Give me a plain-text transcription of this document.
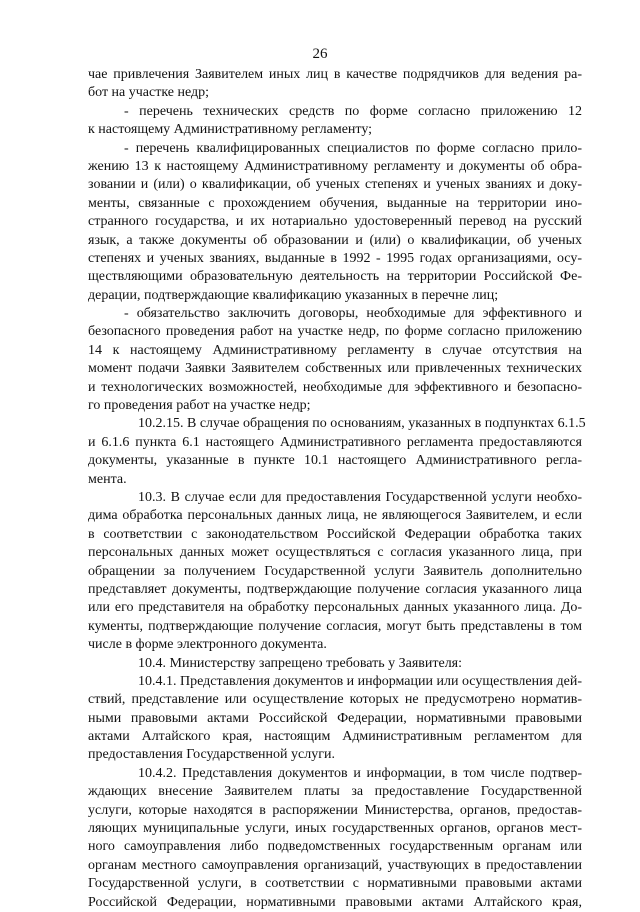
26
чае привлечения Заявителем иных лиц в качестве подрядчиков для ведения ра-
бот на участке недр;
- перечень технических средств по форме согласно приложению 12
к настоящему Административному регламенту;
- перечень квалифицированных специалистов по форме согласно прило-
жению 13 к настоящему Административному регламенту и документы об обра-
зовании и (или) о квалификации, об ученых степенях и ученых званиях и доку-
менты, связанные с прохождением обучения, выданные на территории ино-
странного государства, и их нотариально удостоверенный перевод на русский
язык, а также документы об образовании и (или) о квалификации, об ученых
степенях и ученых званиях, выданные в 1992 - 1995 годах организациями, осу-
ществляющими образовательную деятельность на территории Российской Фе-
дерации, подтверждающие квалификацию указанных в перечне лиц;
- обязательство заключить договоры, необходимые для эффективного и
безопасного проведения работ на участке недр, по форме согласно приложению
14 к настоящему Административному регламенту в случае отсутствия на
момент подачи Заявки Заявителем собственных или привлеченных технических
и технологических возможностей, необходимые для эффективного и безопасно-
го проведения работ на участке недр;
10.2.15. В случае обращения по основаниям, указанных в подпунктах 6.1.5
и 6.1.6 пункта 6.1 настоящего Административного регламента предоставляются
документы, указанные в пункте 10.1 настоящего Административного регла-
мента.
10.3. В случае если для предоставления Государственной услуги необхо-
дима обработка персональных данных лица, не являющегося Заявителем, и если
в соответствии с законодательством Российской Федерации обработка таких
персональных данных может осуществляться с согласия указанного лица, при
обращении за получением Государственной услуги Заявитель дополнительно
представляет документы, подтверждающие получение согласия указанного лица
или его представителя на обработку персональных данных указанного лица. До-
кументы, подтверждающие получение согласия, могут быть представлены в том
числе в форме электронного документа.
10.4. Министерству запрещено требовать у Заявителя:
10.4.1. Представления документов и информации или осуществления дей-
ствий, представление или осуществление которых не предусмотрено норматив-
ными правовыми актами Российской Федерации, нормативными правовыми
актами Алтайского края, настоящим Административным регламентом для
предоставления Государственной услуги.
10.4.2. Представления документов и информации, в том числе подтвер-
ждающих внесение Заявителем платы за предоставление Государственной
услуги, которые находятся в распоряжении Министерства, органов, предостав-
ляющих муниципальные услуги, иных государственных органов, органов мест-
ного самоуправления либо подведомственных государственным органам или
органам местного самоуправления организаций, участвующих в предоставлении
Государственной услуги, в соответствии с нормативными правовыми актами
Российской Федерации, нормативными правовыми актами Алтайского края,
